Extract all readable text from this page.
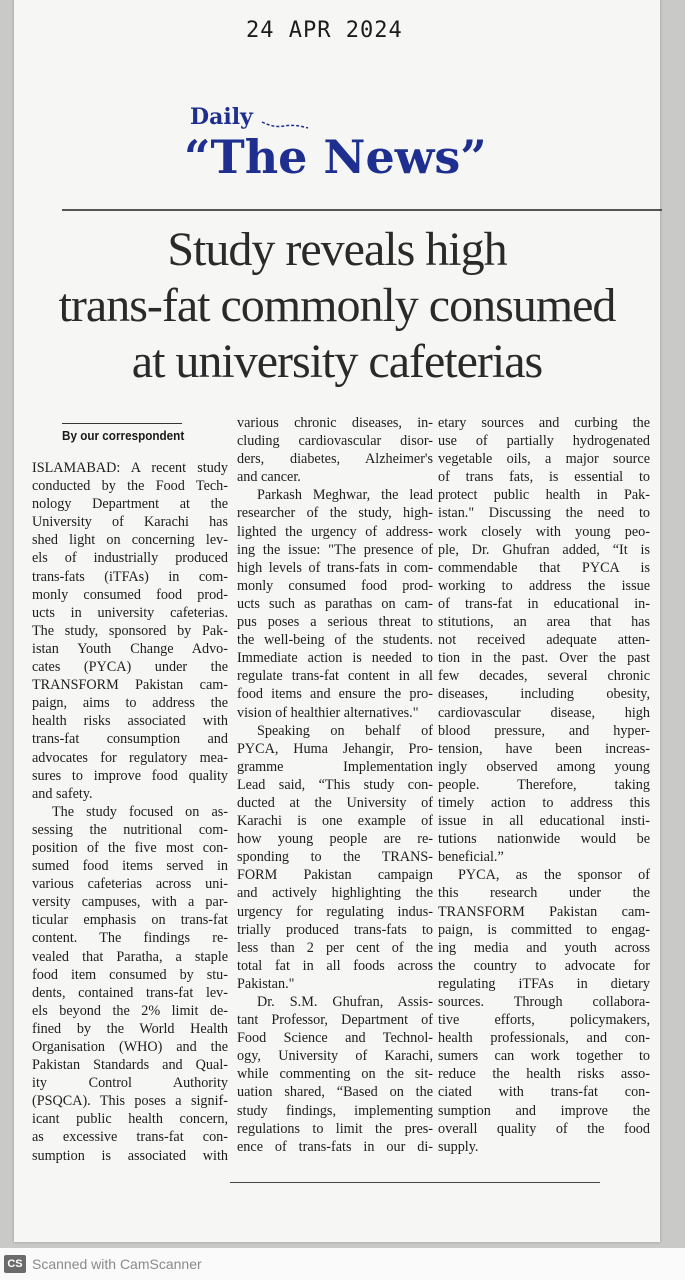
24 APR 2024
Daily
“The News”
Study reveals high
trans-fat commonly consumed
at university cafeterias
By our correspondent
ISLAMABAD: A recent study
conducted by the Food Tech-
nology Department at the
University of Karachi has
shed light on concerning lev-
els of industrially produced
trans-fats (iTFAs) in com-
monly consumed food prod-
ucts in university cafeterias.
The study, sponsored by Pak-
istan Youth Change Advo-
cates (PYCA) under the
TRANSFORM Pakistan cam-
paign, aims to address the
health risks associated with
trans-fat consumption and
advocates for regulatory mea-
sures to improve food quality
and safety.
The study focused on as-
sessing the nutritional com-
position of the five most con-
sumed food items served in
various cafeterias across uni-
versity campuses, with a par-
ticular emphasis on trans-fat
content. The findings re-
vealed that Paratha, a staple
food item consumed by stu-
dents, contained trans-fat lev-
els beyond the 2% limit de-
fined by the World Health
Organisation (WHO) and the
Pakistan Standards and Qual-
ity Control Authority
(PSQCA). This poses a signif-
icant public health concern,
as excessive trans-fat con-
sumption is associated with
various chronic diseases, in-
cluding cardiovascular disor-
ders, diabetes, Alzheimer's
and cancer.
Parkash Meghwar, the lead
researcher of the study, high-
lighted the urgency of address-
ing the issue: "The presence of
high levels of trans-fats in com-
monly consumed food prod-
ucts such as parathas on cam-
pus poses a serious threat to
the well-being of the students.
Immediate action is needed to
regulate trans-fat content in all
food items and ensure the pro-
vision of healthier alternatives."
Speaking on behalf of
PYCA, Huma Jehangir, Pro-
gramme Implementation
Lead said, “This study con-
ducted at the University of
Karachi is one example of
how young people are re-
sponding to the TRANS-
FORM Pakistan campaign
and actively highlighting the
urgency for regulating indus-
trially produced trans-fats to
less than 2 per cent of the
total fat in all foods across
Pakistan."
Dr. S.M. Ghufran, Assis-
tant Professor, Department of
Food Science and Technol-
ogy, University of Karachi,
while commenting on the sit-
uation shared, “Based on the
study findings, implementing
regulations to limit the pres-
ence of trans-fats in our di-
etary sources and curbing the
use of partially hydrogenated
vegetable oils, a major source
of trans fats, is essential to
protect public health in Pak-
istan." Discussing the need to
work closely with young peo-
ple, Dr. Ghufran added, “It is
commendable that PYCA is
working to address the issue
of trans-fat in educational in-
stitutions, an area that has
not received adequate atten-
tion in the past. Over the past
few decades, several chronic
diseases, including obesity,
cardiovascular disease, high
blood pressure, and hyper-
tension, have been increas-
ingly observed among young
people. Therefore, taking
timely action to address this
issue in all educational insti-
tutions nationwide would be
beneficial.”
PYCA, as the sponsor of
this research under the
TRANSFORM Pakistan cam-
paign, is committed to engag-
ing media and youth across
the country to advocate for
regulating iTFAs in dietary
sources. Through collabora-
tive efforts, policymakers,
health professionals, and con-
sumers can work together to
reduce the health risks asso-
ciated with trans-fat con-
sumption and improve the
overall quality of the food
supply.
CS Scanned with CamScanner
